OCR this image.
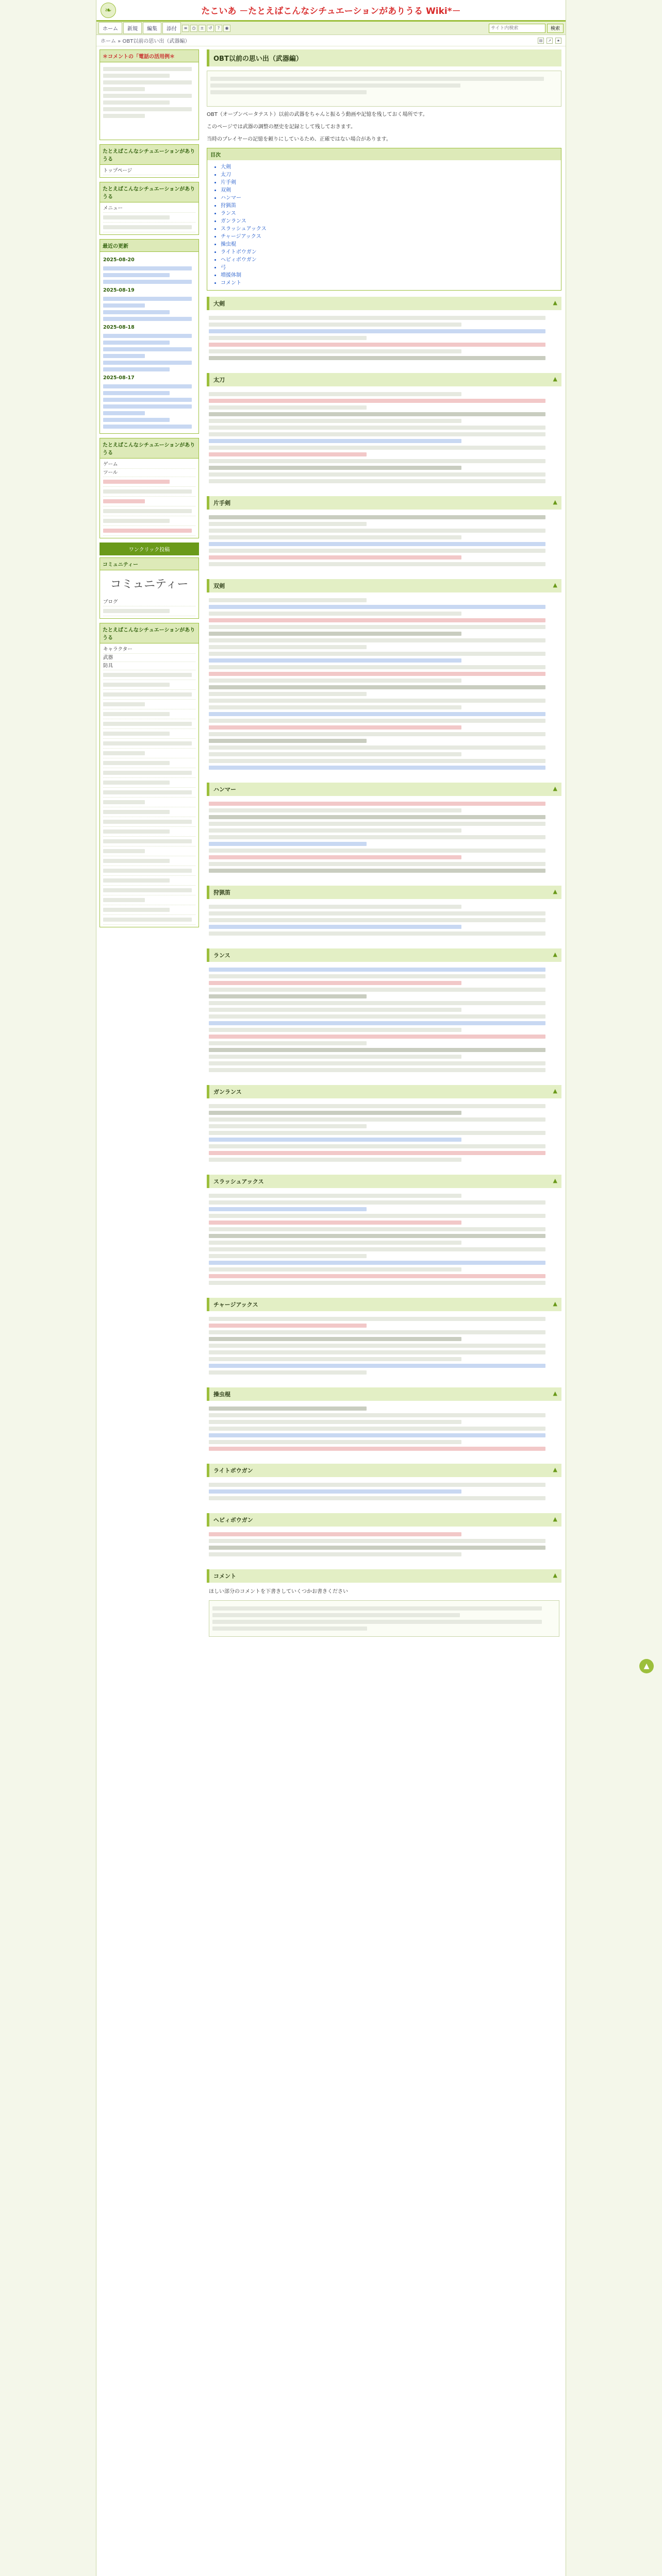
❧	たこいあ －たとえばこんなシチュエーションがありうる Wiki*－
ホーム	新規	編集	添付	≡	◷	±	↺	?	◉
サイト内検索	検索
ホーム » OBT以前の思い出（武器編）	▤	↗	★
＊コメントの「電話の活用例＊
たとえばこんなシチュエーションがありうる
トップページ
たとえばこんなシチュエーションがありうる
メニュー
最近の更新
2025-08-20
2025-08-19
2025-08-18
2025-08-17
たとえばこんなシチュエーションがありうる
ゲーム
ツール
ワンクリック投稿
コミュニティー
コミュニティー
ブログ
たとえばこんなシチュエーションがありうる
キャラクター
武器
防具
OBT以前の思い出（武器編）

OBT（オープンベータテスト）以前の武器をちゃんと振るう動画や記憶を残しておく場所です。

このページでは武器の調整の歴史を記録として残しておきます。

当時のプレイヤーの記憶を頼りにしているため、正確ではない場合があります。

目次
• 大剣
• 太刀
• 片手剣
• 双剣
• ハンマー
• 狩猟笛
• ランス
• ガンランス
• スラッシュアックス
• チャージアックス
• 操虫棍
• ライトボウガン
• ヘビィボウガン
• 弓
• 増援体制
• コメント
大剣	▲
太刀	▲
片手剣	▲
双剣	▲
ハンマー	▲
狩猟笛	▲
ランス	▲
ガンランス	▲
スラッシュアックス	▲
チャージアックス	▲
操虫棍	▲
ライトボウガン	▲
ヘビィボウガン	▲
コメント	▲

ほしい部分のコメントを下書きしていくつかお書きください

▲
